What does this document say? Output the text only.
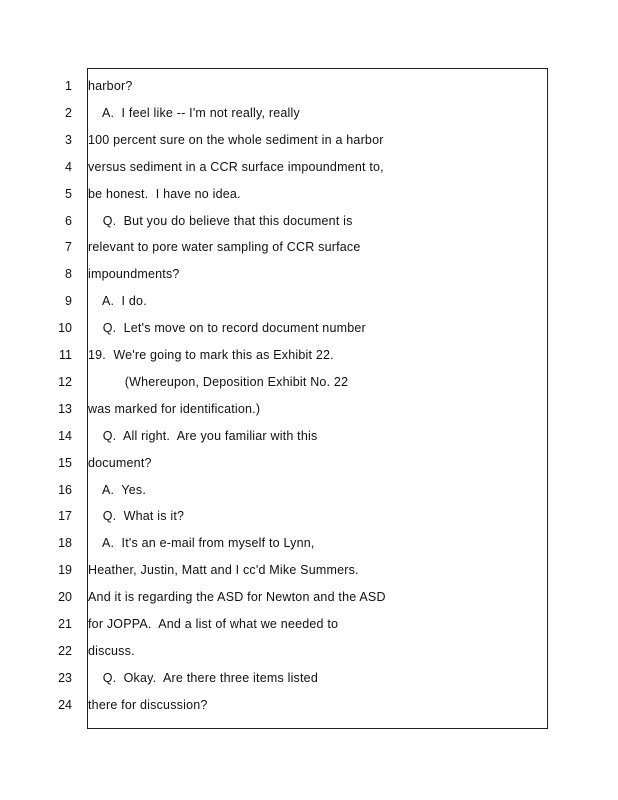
1
2
3
4
5
6
7
8
9
10
11
12
13
14
15
16
17
18
19
20
21
22
23
24
harbor?
A.  I feel like -- I'm not really, really
100 percent sure on the whole sediment in a harbor
versus sediment in a CCR surface impoundment to,
be honest.  I have no idea.
Q.  But you do believe that this document is
relevant to pore water sampling of CCR surface
impoundments?
A.  I do.
Q.  Let's move on to record document number
19.  We're going to mark this as Exhibit 22.
(Whereupon, Deposition Exhibit No. 22
was marked for identification.)
Q.  All right.  Are you familiar with this
document?
A.  Yes.
Q.  What is it?
A.  It's an e-mail from myself to Lynn,
Heather, Justin, Matt and I cc'd Mike Summers.
And it is regarding the ASD for Newton and the ASD
for JOPPA.  And a list of what we needed to
discuss.
Q.  Okay.  Are there three items listed
there for discussion?
